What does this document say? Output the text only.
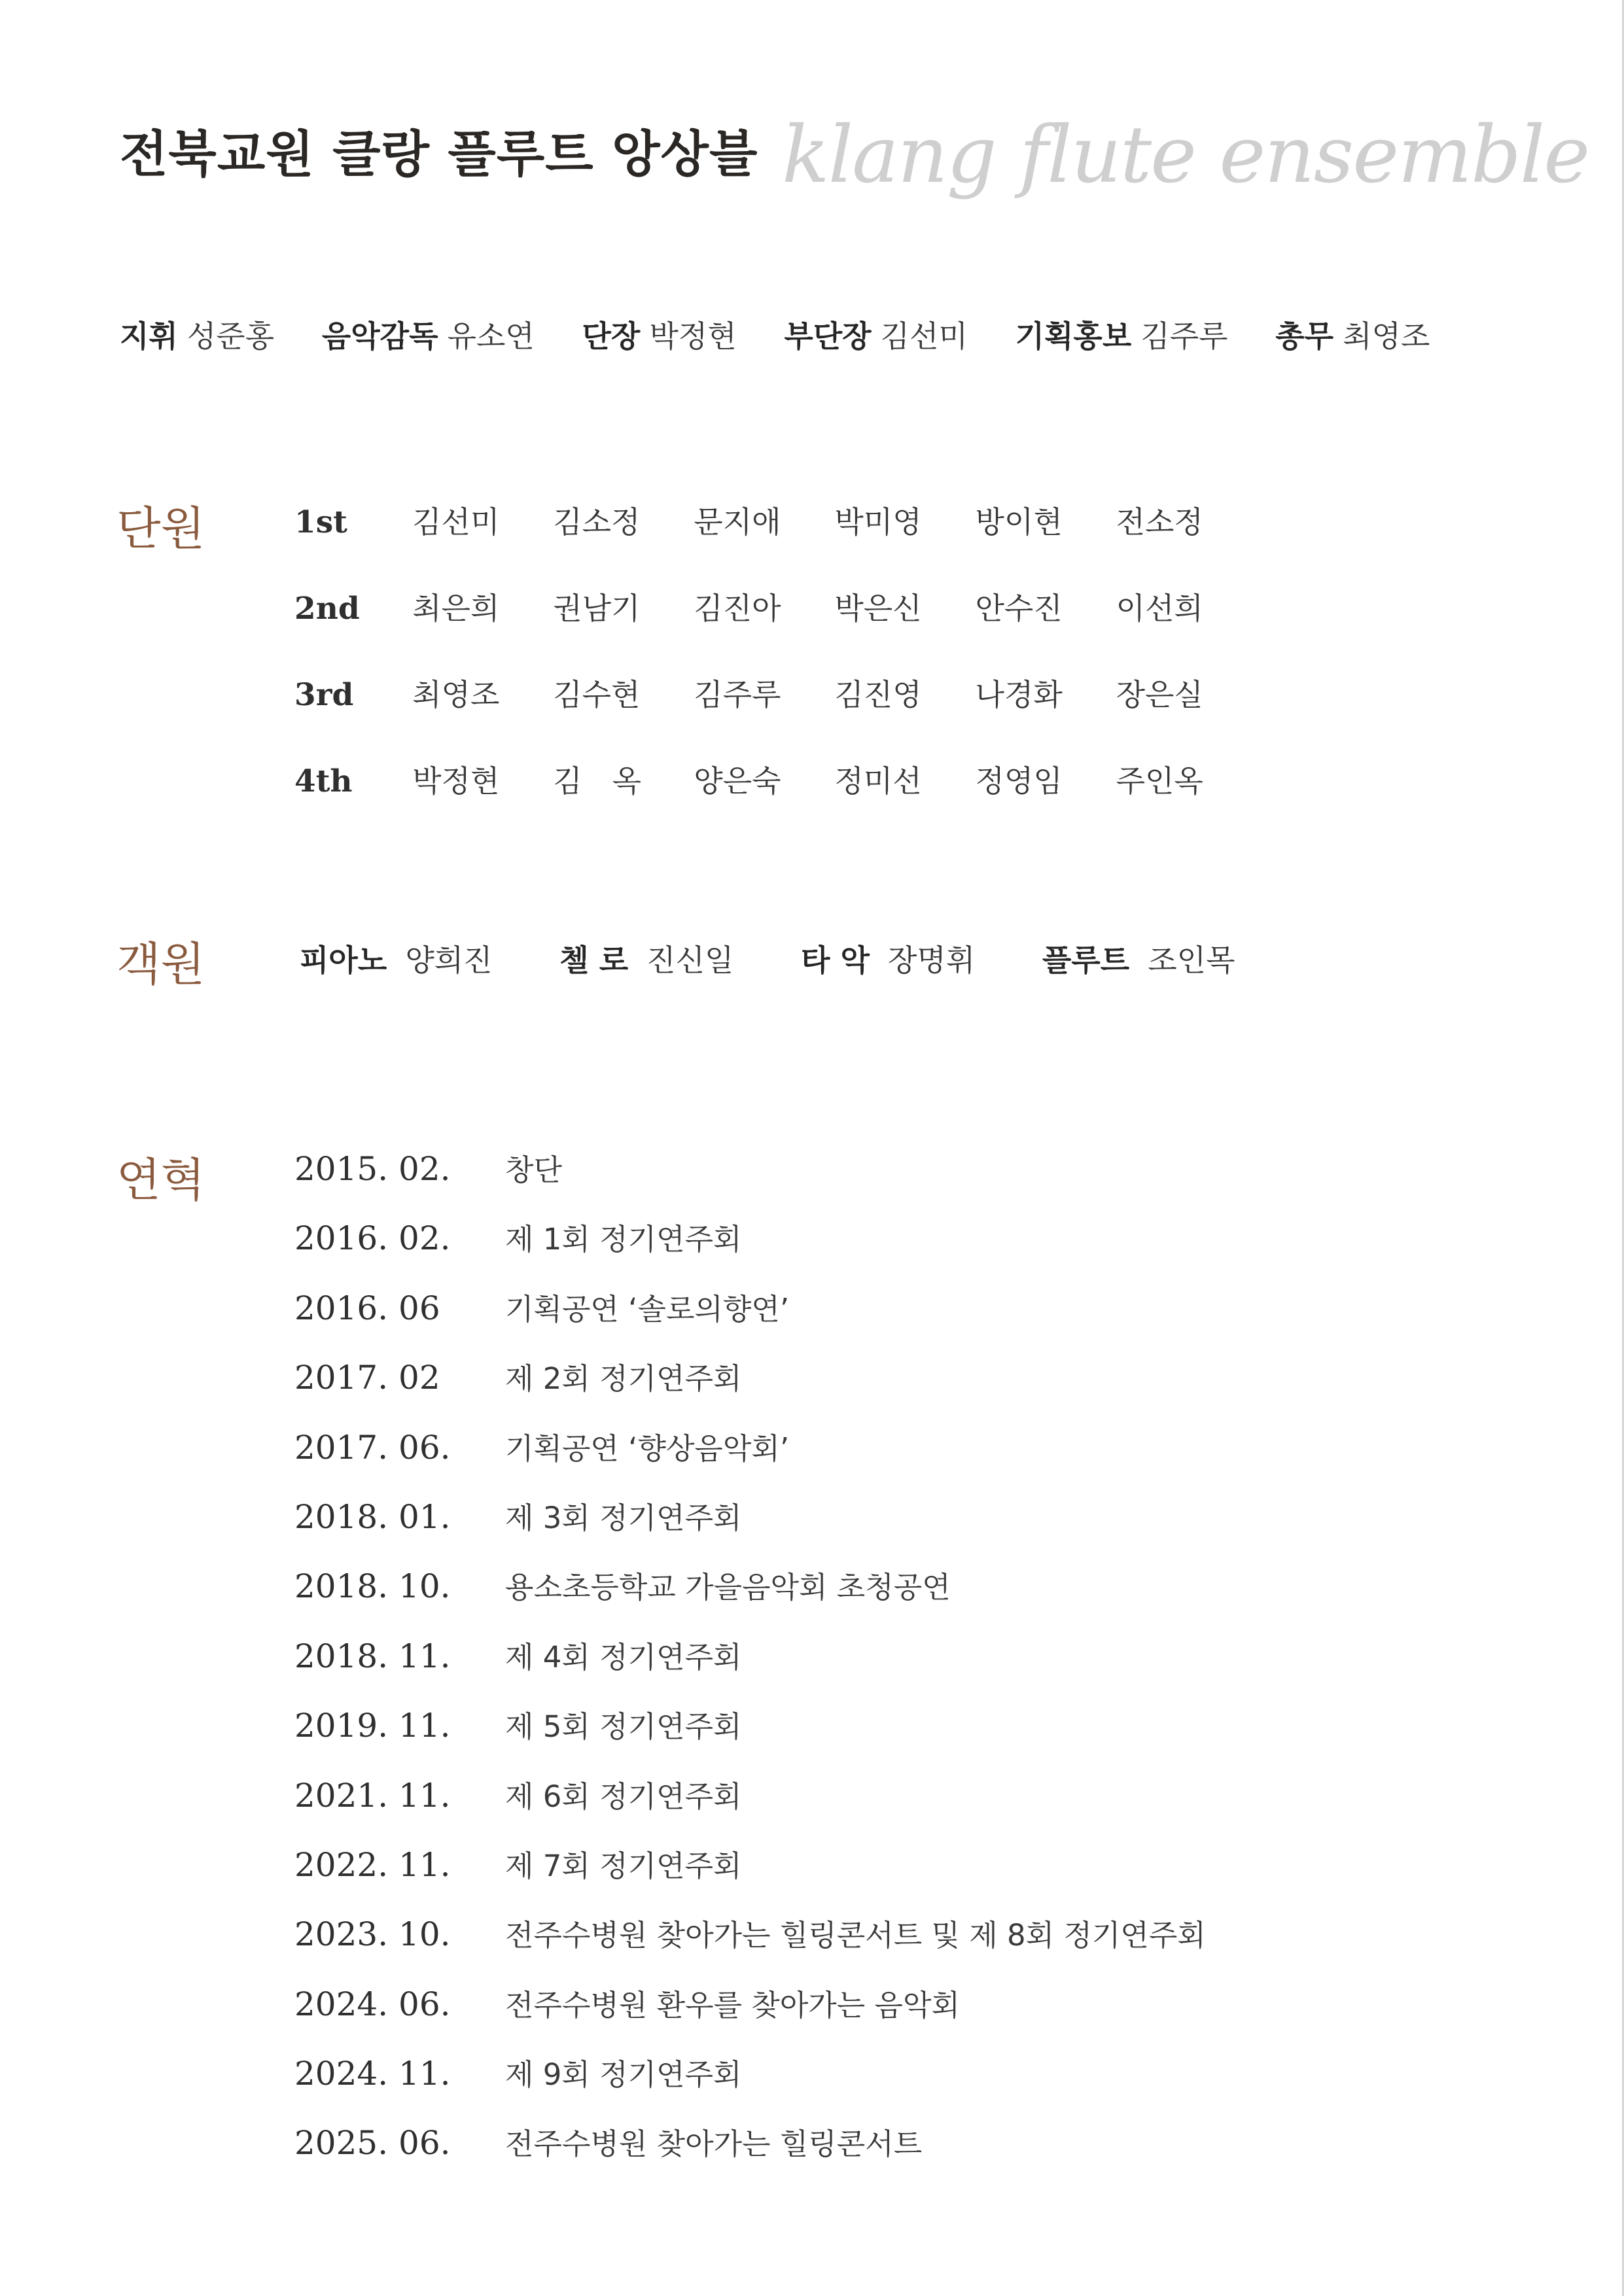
전북교원 클랑 플루트 앙상블 klang flute ensemble
지휘 성준홍 음악감독 유소연 단장 박정현 부단장 김선미 기획홍보 김주루 총무 최영조
단원	1st 김선미 김소정 문지애 박미영 방이현 전소정
2nd 최은희 권남기 김진아 박은신 안수진 이선희
3rd 최영조 김수현 김주루 김진영 나경화 장은실
4th 박정현 김　옥 양은숙 정미선 정영임 주인옥
객원	피아노 양희진 첼 로 진신일 타 악 장명휘 플루트 조인목
연혁	2015. 02. 창단
2016. 02. 제 1회 정기연주회
2016. 06 기획공연 ‘솔로의향연’
2017. 02 제 2회 정기연주회
2017. 06. 기획공연 ‘향상음악회’
2018. 01. 제 3회 정기연주회
2018. 10. 용소초등학교 가을음악회 초청공연
2018. 11. 제 4회 정기연주회
2019. 11. 제 5회 정기연주회
2021. 11. 제 6회 정기연주회
2022. 11. 제 7회 정기연주회
2023. 10. 전주수병원 찾아가는 힐링콘서트 및 제 8회 정기연주회
2024. 06. 전주수병원 환우를 찾아가는 음악회
2024. 11. 제 9회 정기연주회
2025. 06. 전주수병원 찾아가는 힐링콘서트
